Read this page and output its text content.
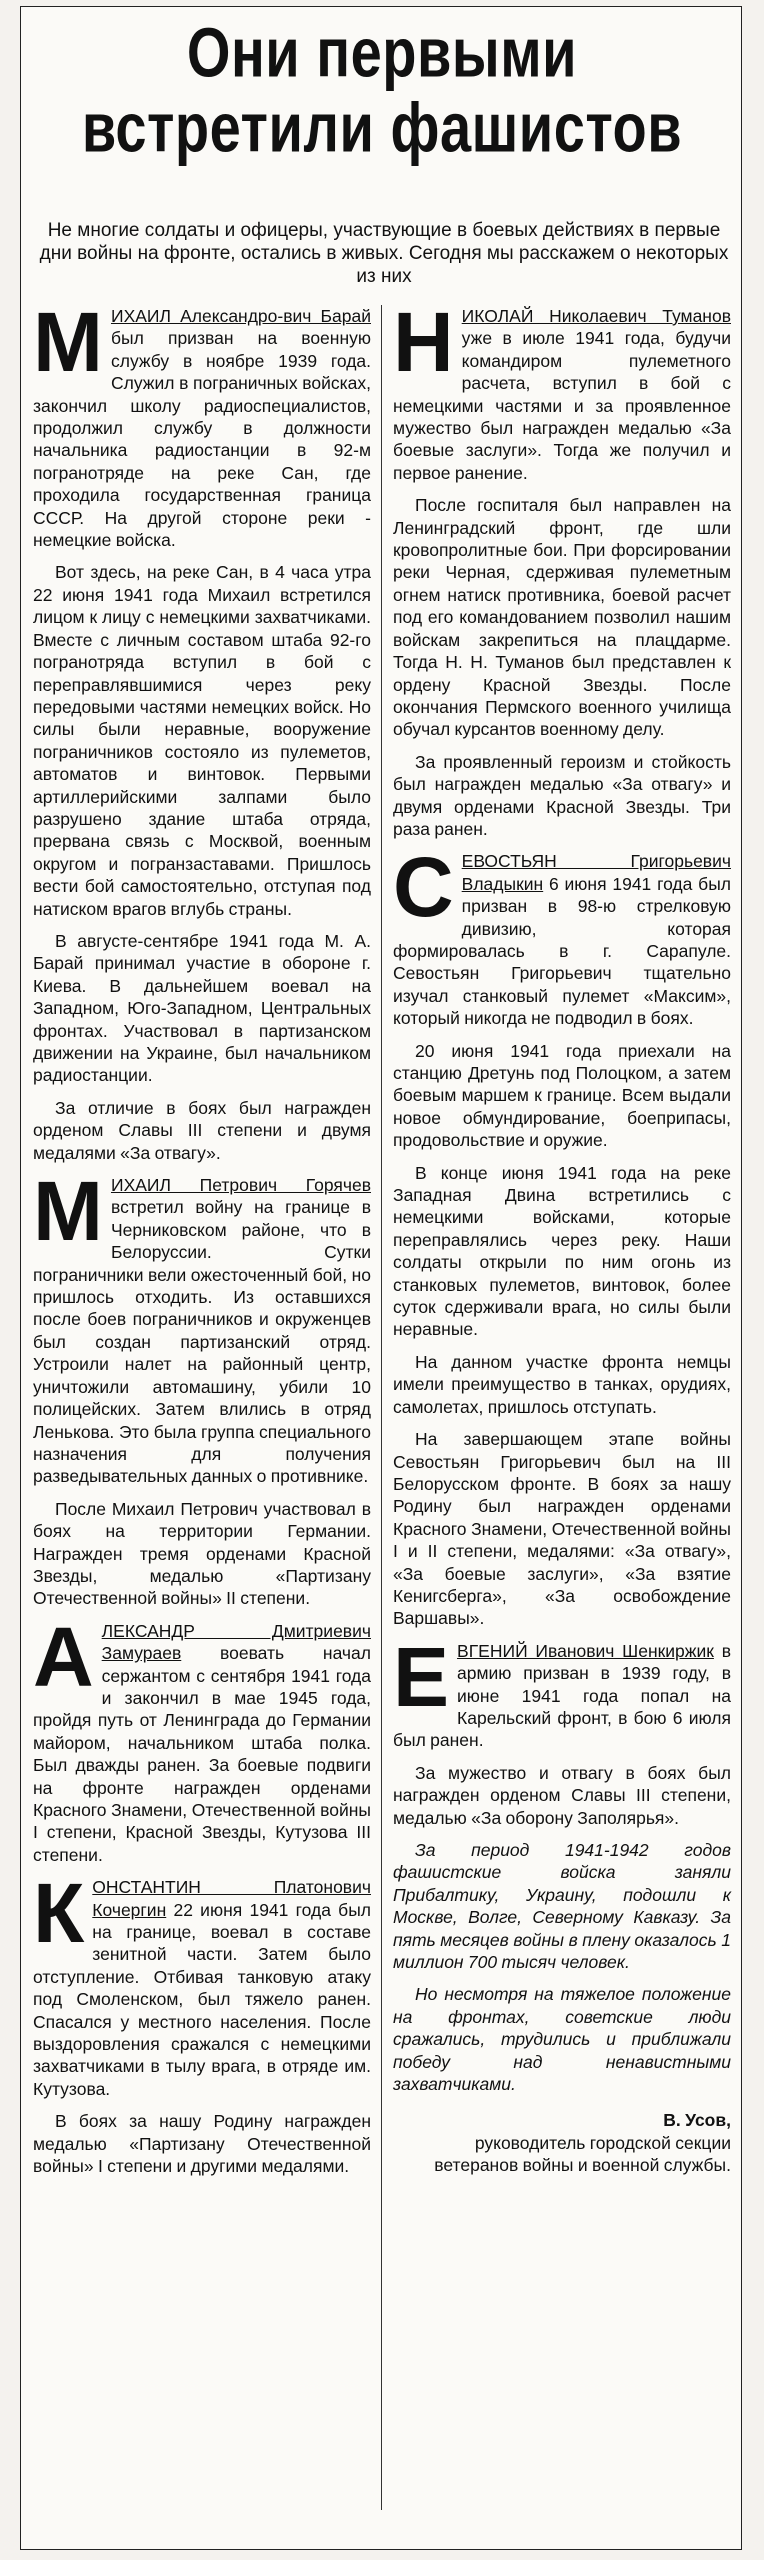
Они первыми
встретили фашистов
Не многие солдаты и офицеры, участвующие в боевых действиях в первые дни войны на фронте, остались в живых. Сегодня мы расскажем о некоторых из них

МИХАИЛ Александро-вич Барай был призван на военную службу в ноябре 1939 года. Служил в пограничных войсках, закончил школу радиоспециалистов, продолжил службу в должности начальника радиостанции в 92-м погранотряде на реке Сан, где проходила государственная граница СССР. На другой стороне реки - немецкие войска.

Вот здесь, на реке Сан, в 4 часа утра 22 июня 1941 года Михаил встретился лицом к лицу с немецкими захватчиками. Вместе с личным составом штаба 92-го погранотряда вступил в бой с переправлявшимися через реку передовыми частями немецких войск. Но силы были неравные, вооружение пограничников состояло из пулеметов, автоматов и винтовок. Первыми артиллерийскими залпами было разрушено здание штаба отряда, прервана связь с Москвой, военным округом и погранзаставами. Пришлось вести бой самостоятельно, отступая под натиском врагов вглубь страны.

В августе-сентябре 1941 года М. А. Барай принимал участие в обороне г. Киева. В дальнейшем воевал на Западном, Юго-Западном, Центральных фронтах. Участвовал в партизанском движении на Украине, был начальником радиостанции.

За отличие в боях был награжден орденом Славы III степени и двумя медалями «За отвагу».

МИХАИЛ Петрович Горячев встретил войну на границе в Черниковском районе, что в Белоруссии. Сутки пограничники вели ожесточенный бой, но пришлось отходить. Из оставшихся после боев пограничников и окруженцев был создан партизанский отряд. Устроили налет на районный центр, уничтожили автомашину, убили 10 полицейских. Затем влились в отряд Ленькова. Это была группа специального назначения для получения разведывательных данных о противнике.

После Михаил Петрович участвовал в боях на территории Германии. Награжден тремя орденами Красной Звезды, медалью «Партизану Отечественной войны» II степени.

АЛЕКСАНДР Дмитриевич Замураев воевать начал сержантом с сентября 1941 года и закончил в мае 1945 года, пройдя путь от Ленинграда до Германии майором, начальником штаба полка. Был дважды ранен. За боевые подвиги на фронте награжден орденами Красного Знамени, Отечественной войны I степени, Красной Звезды, Кутузова III степени.

КОНСТАНТИН Платонович Кочергин 22 июня 1941 года был на границе, воевал в составе зенитной части. Затем было отступление. Отбивая танковую атаку под Смоленском, был тяжело ранен. Спасался у местного населения. После выздоровления сражался с немецкими захватчиками в тылу врага, в отряде им. Кутузова.

В боях за нашу Родину награжден медалью «Партизану Отечественной войны» I степени и другими медалями.

НИКОЛАЙ Николаевич Туманов уже в июле 1941 года, будучи командиром пулеметного расчета, вступил в бой с немецкими частями и за проявленное мужество был награжден медалью «За боевые заслуги». Тогда же получил и первое ранение.

После госпиталя был направлен на Ленинградский фронт, где шли кровопролитные бои. При форсировании реки Черная, сдерживая пулеметным огнем натиск противника, боевой расчет под его командованием позволил нашим войскам закрепиться на плацдарме. Тогда Н. Н. Туманов был представлен к ордену Красной Звезды. После окончания Пермского военного училища обучал курсантов военному делу.

За проявленный героизм и стойкость был награжден медалью «За отвагу» и двумя орденами Красной Звезды. Три раза ранен.

СЕВОСТЬЯН Григорьевич Владыкин 6 июня 1941 года был призван в 98-ю стрелковую дивизию, которая формировалась в г. Сарапуле. Севостьян Григорьевич тщательно изучал станковый пулемет «Максим», который никогда не подводил в боях.

20 июня 1941 года приехали на станцию Дретунь под Полоцком, а затем боевым маршем к границе. Всем выдали новое обмундирование, боеприпасы, продовольствие и оружие.

В конце июня 1941 года на реке Западная Двина встретились с немецкими войсками, которые переправлялись через реку. Наши солдаты открыли по ним огонь из станковых пулеметов, винтовок, более суток сдерживали врага, но силы были неравные.

На данном участке фронта немцы имели преимущество в танках, орудиях, самолетах, пришлось отступать.

На завершающем этапе войны Севостьян Григорьевич был на III Белорусском фронте. В боях за нашу Родину был награжден орденами Красного Знамени, Отечественной войны I и II степени, медалями: «За отвагу», «За боевые заслуги», «За взятие Кенигсберга», «За освобождение Варшавы».

ЕВГЕНИЙ Иванович Шенкиржик в армию призван в 1939 году, в июне 1941 года попал на Карельский фронт, в бою 6 июля был ранен.

За мужество и отвагу в боях был награжден орденом Славы III степени, медалью «За оборону Заполярья».

За период 1941-1942 годов фашистские войска заняли Прибалтику, Украину, подошли к Москве, Волге, Северному Кавказу. За пять месяцев войны в плену оказалось 1 миллион 700 тысяч человек.

Но несмотря на тяжелое положение на фронтах, советские люди сражались, трудились и приближали победу над ненавистными захватчиками.

В. Усов,
руководитель городской секции ветеранов войны и военной службы.
